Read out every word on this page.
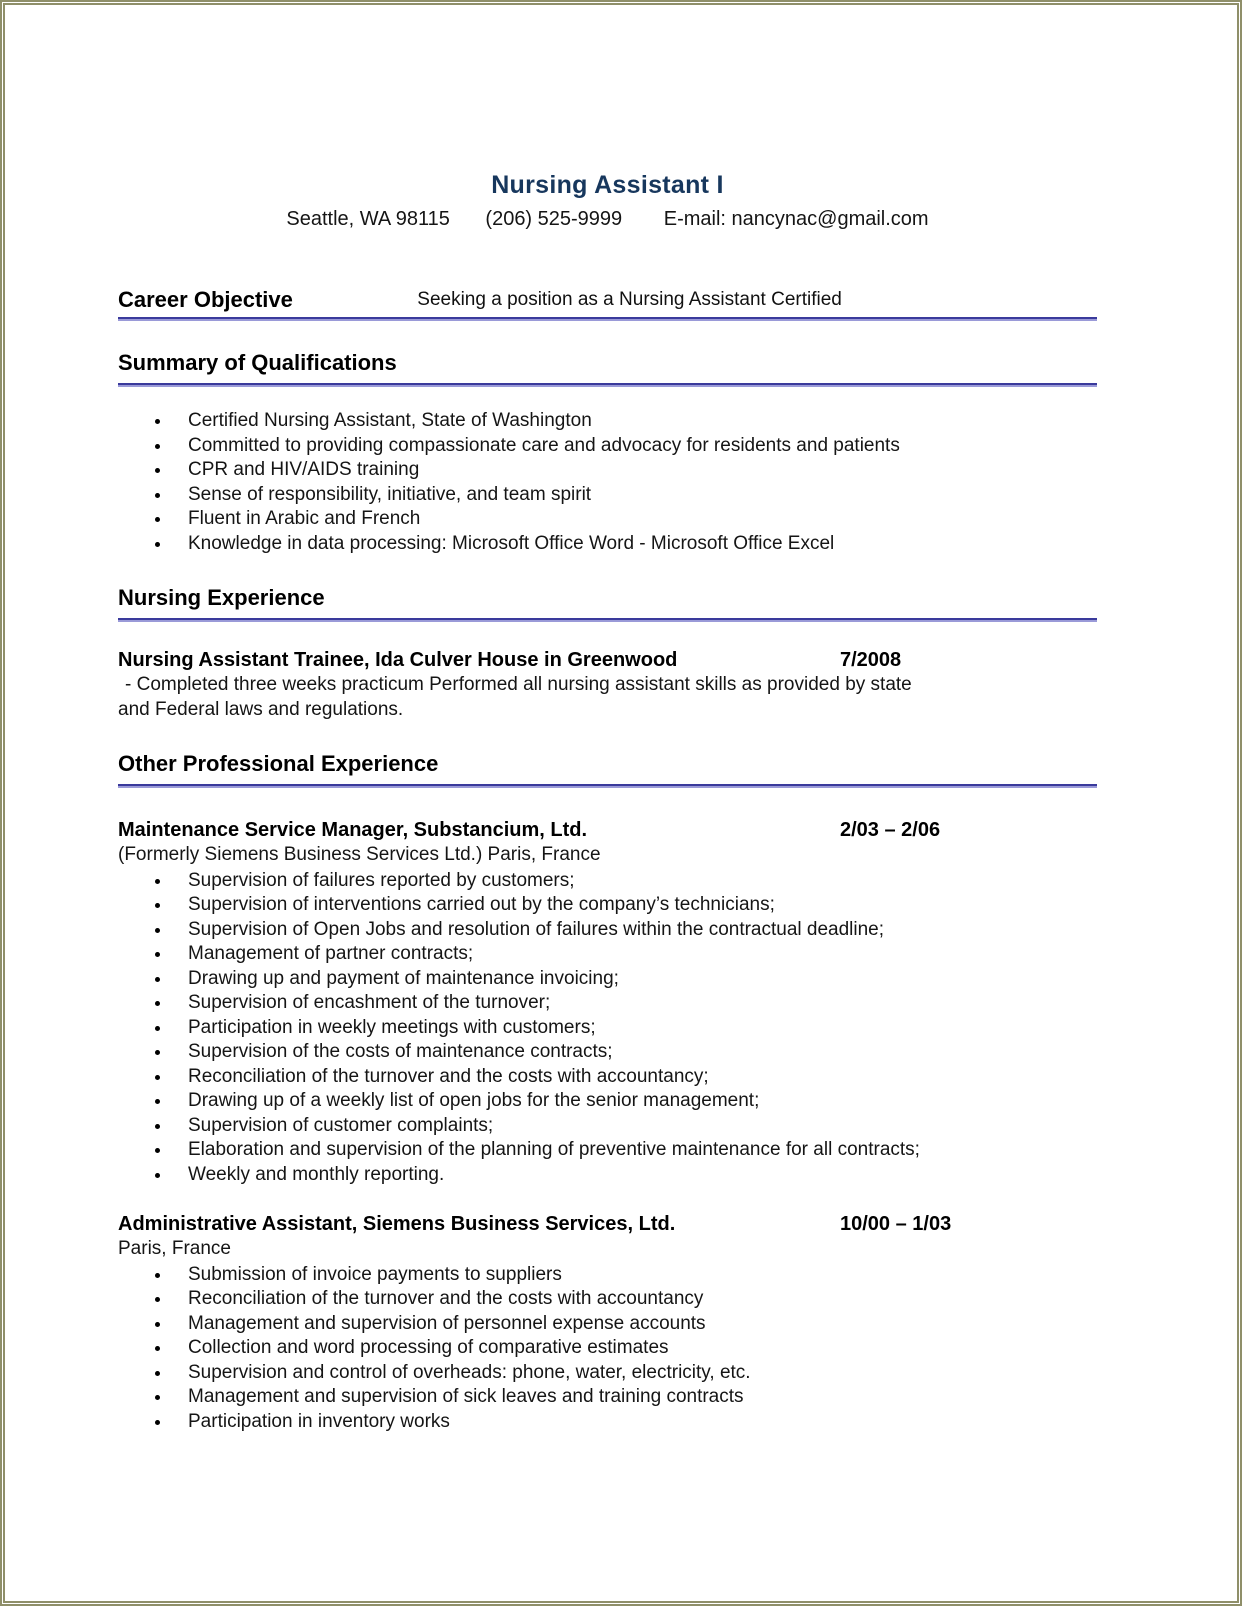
Nursing Assistant I
Seattle, WA 98115 (206) 525-9999 E-mail: nancynac@gmail.com
Career Objective	Seeking a position as a Nursing Assistant Certified
Summary of Qualifications
Certified Nursing Assistant, State of Washington
Committed to providing compassionate care and advocacy for residents and patients
CPR and HIV/AIDS training
Sense of responsibility, initiative, and team spirit
Fluent in Arabic and French
Knowledge in data processing: Microsoft Office Word - Microsoft Office Excel
Nursing Experience
Nursing Assistant Trainee, Ida Culver House in Greenwood	7/2008

- Completed three weeks practicum Performed all nursing assistant skills as provided by state

and Federal laws and regulations.

Other Professional Experience
Maintenance Service Manager, Substancium, Ltd.	2/03 – 2/06

(Formerly Siemens Business Services Ltd.) Paris, France

Supervision of failures reported by customers;
Supervision of interventions carried out by the company’s technicians;
Supervision of Open Jobs and resolution of failures within the contractual deadline;
Management of partner contracts;
Drawing up and payment of maintenance invoicing;
Supervision of encashment of the turnover;
Participation in weekly meetings with customers;
Supervision of the costs of maintenance contracts;
Reconciliation of the turnover and the costs with accountancy;
Drawing up of a weekly list of open jobs for the senior management;
Supervision of customer complaints;
Elaboration and supervision of the planning of preventive maintenance for all contracts;
Weekly and monthly reporting.
Administrative Assistant, Siemens Business Services, Ltd.	10/00 – 1/03

Paris, France

Submission of invoice payments to suppliers
Reconciliation of the turnover and the costs with accountancy
Management and supervision of personnel expense accounts
Collection and word processing of comparative estimates
Supervision and control of overheads: phone, water, electricity, etc.
Management and supervision of sick leaves and training contracts
Participation in inventory works
